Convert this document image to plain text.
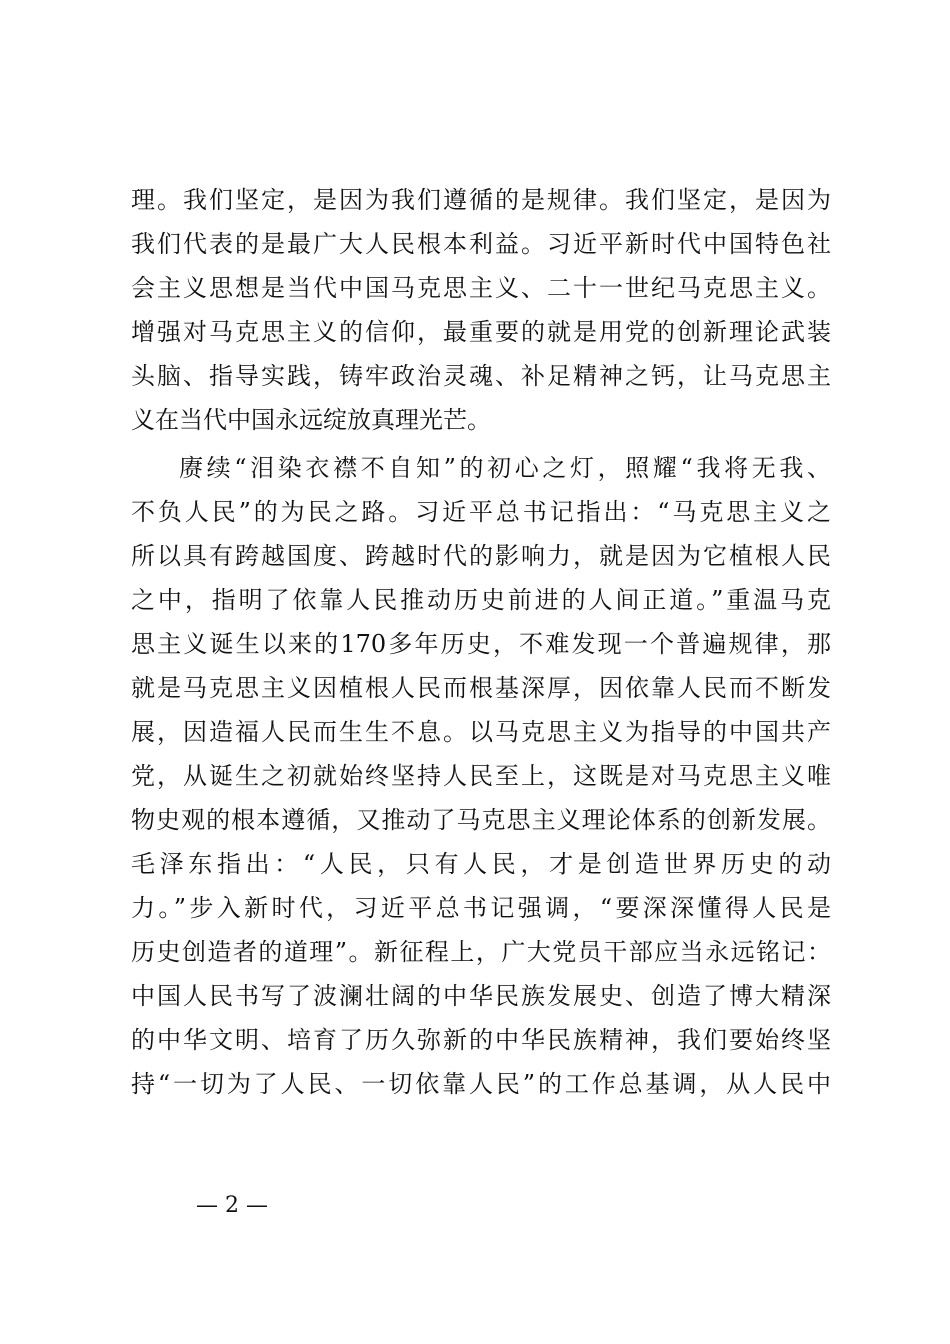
理。我们坚定，是因为我们遵循的是规律。我们坚定，是因为
我们代表的是最广大人民根本利益。习近平新时代中国特色社
会主义思想是当代中国马克思主义、二十一世纪马克思主义。
增强对马克思主义的信仰，最重要的就是用党的创新理论武装
头脑、指导实践，铸牢政治灵魂、补足精神之钙，让马克思主
义在当代中国永远绽放真理光芒。
赓续“泪染衣襟不自知”的初心之灯，照耀“我将无我、
不负人民”的为民之路。习近平总书记指出：“马克思主义之
所以具有跨越国度、跨越时代的影响力，就是因为它植根人民
之中，指明了依靠人民推动历史前进的人间正道。”重温马克
思主义诞生以来的170多年历史，不难发现一个普遍规律，那
就是马克思主义因植根人民而根基深厚，因依靠人民而不断发
展，因造福人民而生生不息。以马克思主义为指导的中国共产
党，从诞生之初就始终坚持人民至上，这既是对马克思主义唯
物史观的根本遵循，又推动了马克思主义理论体系的创新发展。
毛泽东指出：“人民，只有人民，才是创造世界历史的动
力。”步入新时代，习近平总书记强调，“要深深懂得人民是
历史创造者的道理”。新征程上，广大党员干部应当永远铭记：
中国人民书写了波澜壮阔的中华民族发展史、创造了博大精深
的中华文明、培育了历久弥新的中华民族精神，我们要始终坚
持“一切为了人民、一切依靠人民”的工作总基调，从人民中
— 2 —
